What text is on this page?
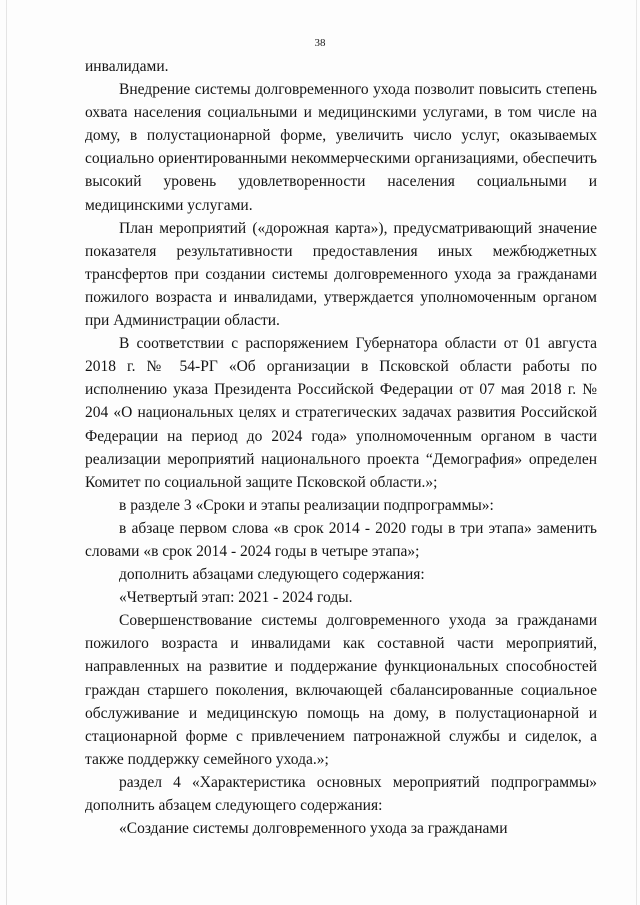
38

инвалидами.

Внедрение системы долговременного ухода позволит повысить степень охвата населения социальными и медицинскими услугами, в том числе на дому, в полустационарной форме, увеличить число услуг, оказываемых социально ориентированными некоммерческими организациями, обеспечить высокий уровень удовлетворенности населения социальными и медицинскими услугами.

План мероприятий («дорожная карта»), предусматривающий значение показателя результативности предоставления иных межбюджетных трансфертов при создании системы долговременного ухода за гражданами пожилого возраста и инвалидами, утверждается уполномоченным органом при Администрации области.

В соответствии с распоряжением Губернатора области от 01 августа 2018 г. № 54-РГ «Об организации в Псковской области работы по исполнению указа Президента Российской Федерации от 07 мая 2018 г. № 204 «О национальных целях и стратегических задачах развития Российской Федерации на период до 2024 года» уполномоченным органом в части реализации мероприятий национального проекта “Демография» определен Комитет по социальной защите Псковской области.»;

в разделе 3 «Сроки и этапы реализации подпрограммы»:

в абзаце первом слова «в срок 2014 - 2020 годы в три этапа» заменить словами «в срок 2014 - 2024 годы в четыре этапа»;

дополнить абзацами следующего содержания:

«Четвертый этап: 2021 - 2024 годы.

Совершенствование системы долговременного ухода за гражданами пожилого возраста и инвалидами как составной части мероприятий, направленных на развитие и поддержание функциональных способностей граждан старшего поколения, включающей сбалансированные социальное обслуживание и медицинскую помощь на дому, в полустационарной и стационарной форме с привлечением патронажной службы и сиделок, а также поддержку семейного ухода.»;

раздел 4 «Характеристика основных мероприятий подпрограммы» дополнить абзацем следующего содержания:

«Создание системы долговременного ухода за гражданами
